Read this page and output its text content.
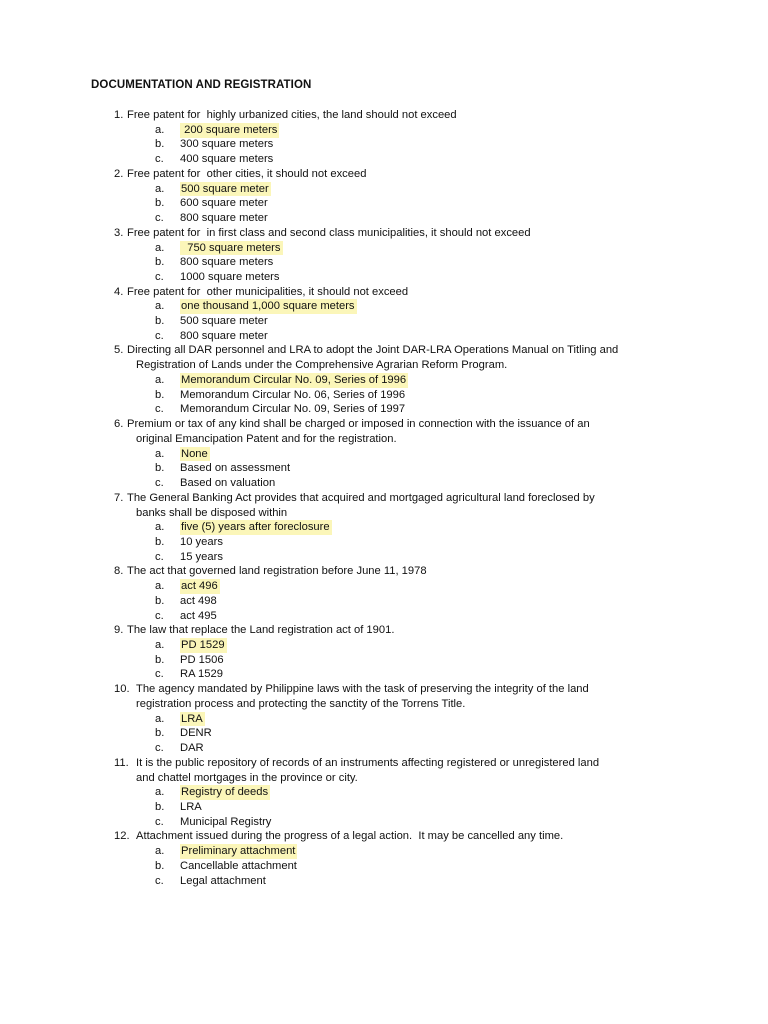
DOCUMENTATION AND REGISTRATION
1. Free patent for  highly urbanized cities, the land should not exceed
a.	200 square meters
b.	300 square meters
c.	400 square meters
2. Free patent for  other cities, it should not exceed
a.	500 square meter
b.	600 square meter
c.	800 square meter
3. Free patent for  in first class and second class municipalities, it should not exceed
a.	750 square meters
b.	800 square meters
c.	1000 square meters
4. Free patent for  other municipalities, it should not exceed
a.	one thousand 1,000 square meters
b.	500 square meter
c.	800 square meter
5. Directing all DAR personnel and LRA to adopt the Joint DAR-LRA Operations Manual on Titling and
Registration of Lands under the Comprehensive Agrarian Reform Program.
a.	Memorandum Circular No. 09, Series of 1996
b.	Memorandum Circular No. 06, Series of 1996
c.	Memorandum Circular No. 09, Series of 1997
6. Premium or tax of any kind shall be charged or imposed in connection with the issuance of an
original Emancipation Patent and for the registration.
a.	None
b.	Based on assessment
c.	Based on valuation
7. The General Banking Act provides that acquired and mortgaged agricultural land foreclosed by
banks shall be disposed within
a.	five (5) years after foreclosure
b.	10 years
c.	15 years
8. The act that governed land registration before June 11, 1978
a.	act 496
b.	act 498
c.	act 495
9. The law that replace the Land registration act of 1901.
a.	PD 1529
b.	PD 1506
c.	RA 1529
10. The agency mandated by Philippine laws with the task of preserving the integrity of the land
registration process and protecting the sanctity of the Torrens Title.
a.	LRA
b.	DENR
c.	DAR
11. It is the public repository of records of an instruments affecting registered or unregistered land
and chattel mortgages in the province or city.
a.	Registry of deeds
b.	LRA
c.	Municipal Registry
12. Attachment issued during the progress of a legal action.  It may be cancelled any time.
a.	Preliminary attachment
b.	Cancellable attachment
c.	Legal attachment
